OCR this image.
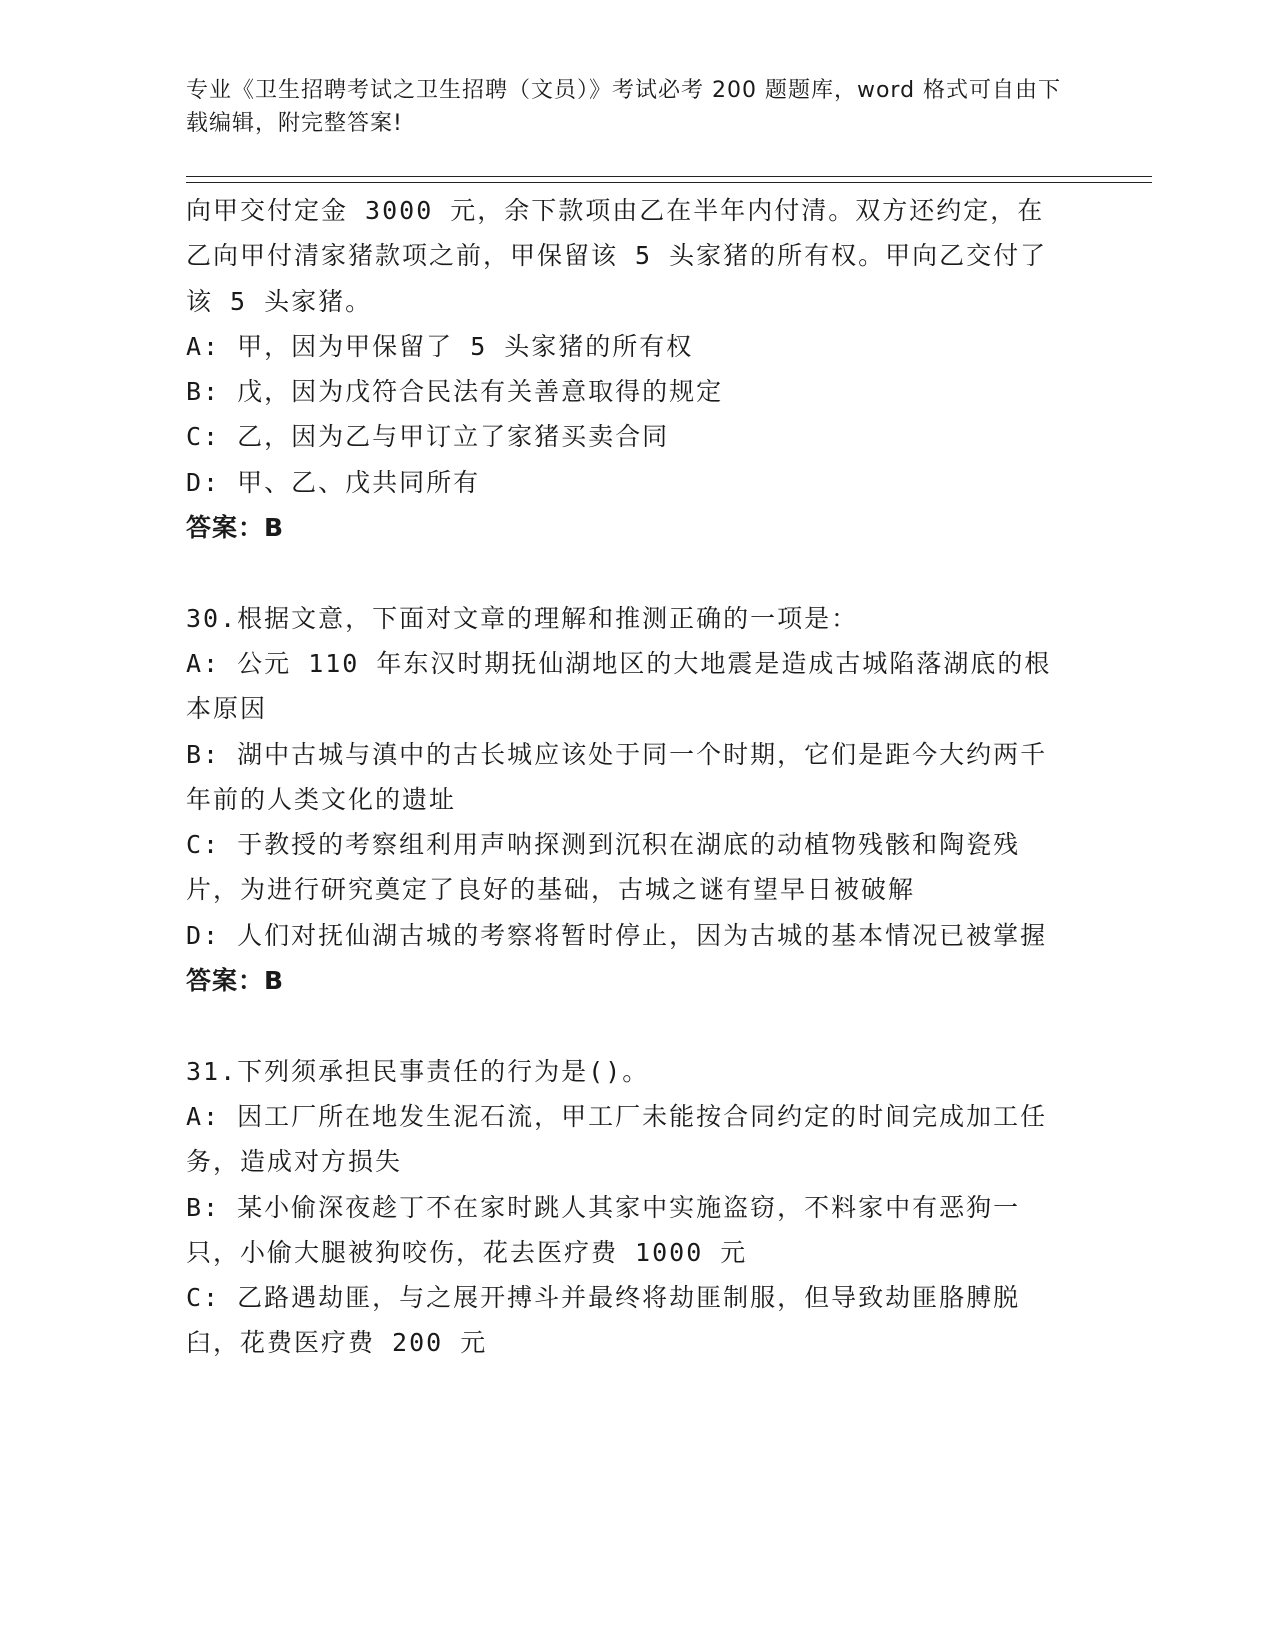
专业《卫生招聘考试之卫生招聘（文员）》考试必考 200 题题库，word 格式可自由下载编辑，附完整答案!

向甲交付定金 3000 元，余下款项由乙在半年内付清。双方还约定，在乙向甲付清家猪款项之前，甲保留该 5 头家猪的所有权。甲向乙交付了该 5 头家猪。

A: 甲，因为甲保留了 5 头家猪的所有权

B: 戊，因为戊符合民法有关善意取得的规定

C: 乙，因为乙与甲订立了家猪买卖合同

D: 甲、乙、戊共同所有

答案：B

30.根据文意，下面对文章的理解和推测正确的一项是：

A: 公元 110 年东汉时期抚仙湖地区的大地震是造成古城陷落湖底的根本原因

B: 湖中古城与滇中的古长城应该处于同一个时期，它们是距今大约两千年前的人类文化的遗址

C: 于教授的考察组利用声呐探测到沉积在湖底的动植物残骸和陶瓷残片，为进行研究奠定了良好的基础，古城之谜有望早日被破解

D: 人们对抚仙湖古城的考察将暂时停止，因为古城的基本情况已被掌握

答案：B

31.下列须承担民事责任的行为是()。

A: 因工厂所在地发生泥石流，甲工厂未能按合同约定的时间完成加工任务，造成对方损失

B: 某小偷深夜趁丁不在家时跳人其家中实施盗窃，不料家中有恶狗一只，小偷大腿被狗咬伤，花去医疗费 1000 元

C: 乙路遇劫匪，与之展开搏斗并最终将劫匪制服，但导致劫匪胳膊脱臼，花费医疗费 200 元
